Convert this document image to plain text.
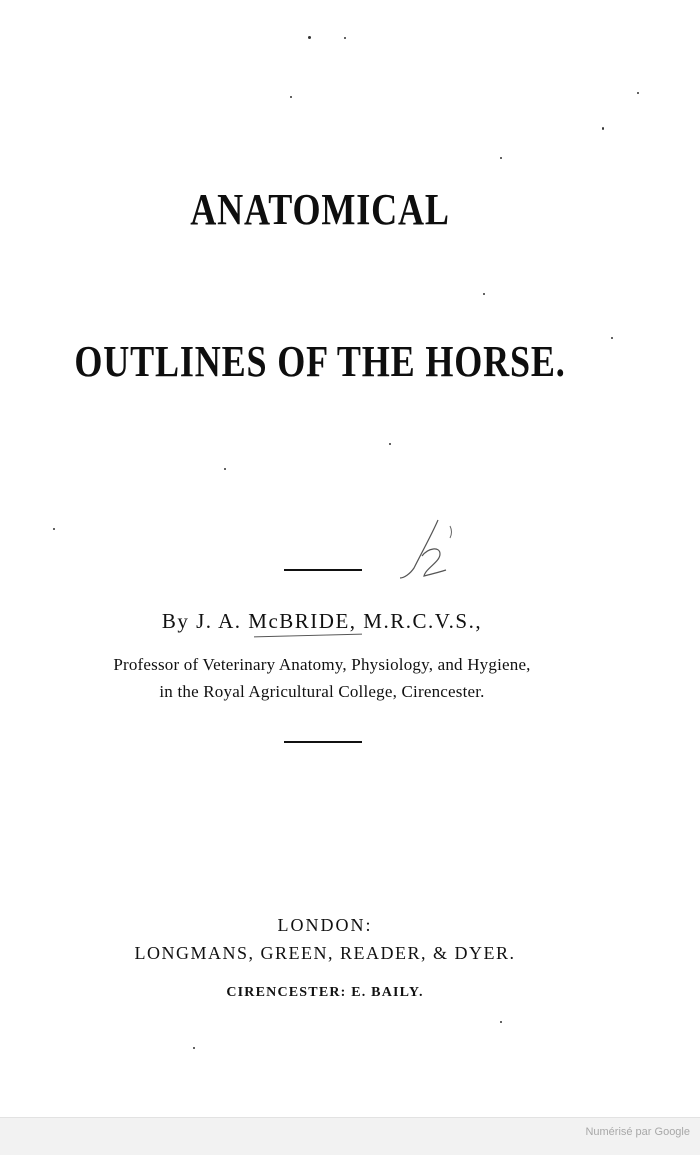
ANATOMICAL
OUTLINES OF THE HORSE.
By J. A. McBRIDE, M.R.C.V.S.,
Professor of Veterinary Anatomy, Physiology, and Hygiene,
in the Royal Agricultural College, Cirencester.
LONDON:
LONGMANS, GREEN, READER, & DYER.
CIRENCESTER: E. BAILY.
Numérisé par Google
